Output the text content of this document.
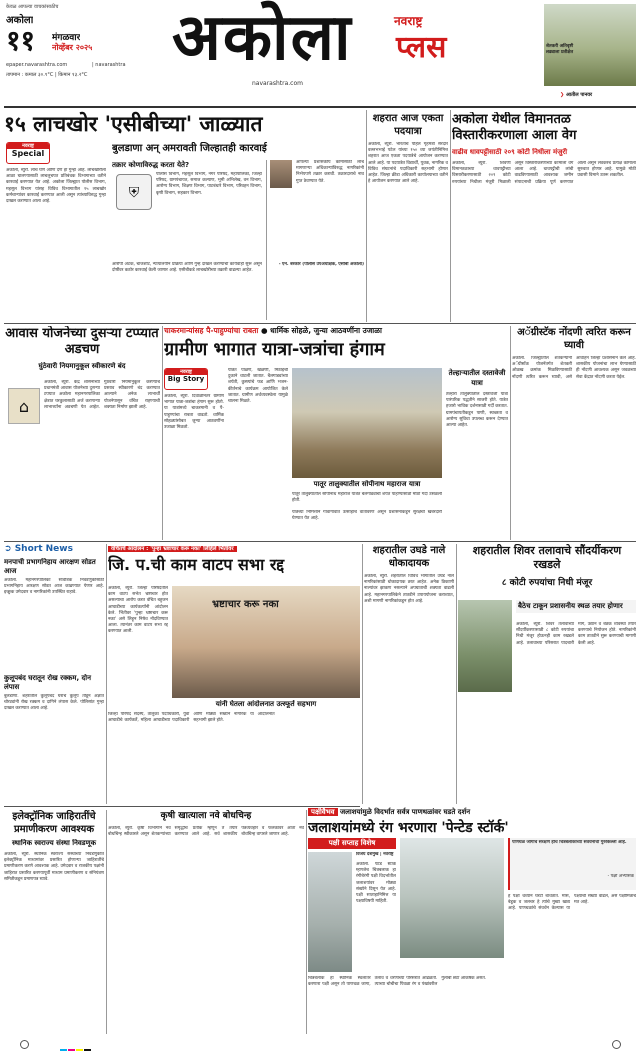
केवळ आपल्या वाचकांसाठीच
अकोला
११ मंगळवार
नोव्हेंबर २०२५
epaper.navarashtra.com	| navarashtra
तापमान : कमाल ३०.९°C | किमान १३.२°C अकोला	नवराष्ट्र
प्लस
navarashtra.com
शेतकरी अतिवृष्टी लढ्याला प्रतीक्षेत
❯ आतील पानवर
१५ लाचखोर 'एसीबीच्या' जाळ्यात
नवराष्ट्र
Special	बुलडाणा अन् अमरावती जिल्हातही कारवाई
अकोला, ब्युरो. लाच घेणे आणि देणे हा गुन्हा आहे. लाचखोरीला आळा घालण्यासाठी लाचलुचपत प्रतिबंधक विभागाच्या वतीने कारवाई करण्यात येत आहे. अकोला जिल्ह्यात पोलीस विभाग, महसूल विभाग यांसह विविध विभागातील १५ लाचखोर कर्मचाऱ्यांवर कारवाई करण्यात आली असून त्यांच्याविरुद्ध गुन्हा दाखल करण्यात आला आहे.
तक्रार कोणाविरुद्ध करता येते?
⛨
पोलीस विभाग, महसूल विभाग, नगर परिषद, महापालिका, जिल्हा परिषद, ग्रामपंचायत, समाज कल्याण, भूमी अभिलेख, वन विभाग, आरोग्य विभाग, शिक्षण विभाग, पाटबंधारे विभाग, परिवहन विभाग, कृषी विभाग, सहकार विभाग.
आरोपी अटक, चार्जशीट, न्यायालयीन प्रक्रिया आणि गुन्हे दाखल करण्याची कार्यवाही सुरू असून दोषींवर कठोर कारवाई केली जाणार आहे. एसीबीकडे लाचखोरीच्या तक्रारी वाढल्या आहेत.
आपल्या प्रशासकीय कामासाठी लाच मागणाऱ्या अधिकाऱ्यांविरुद्ध नागरिकांनी निर्भयपणे तक्रार करावी. तक्रारदाराचे नाव गुप्त ठेवण्यात येते.
- एन. बरकार (पोलीस उपअधीक्षक, एसीबी अकोला)
शहरात आज एकता पदयात्रा
अकोला, ब्युरो. भारताचे पहिले गृहमंत्री सरदार वल्लभभाई पटेल यांच्या १५० व्या जयंतीनिमित्त शहरात आज एकता पदयात्रेचे आयोजन करण्यात आले आहे. या पदयात्रेत विद्यार्थी, युवक, नागरिक व विविध संघटनांचे पदाधिकारी सहभागी होणार आहेत. जिल्हा क्रीडा अधिकारी कार्यालयाच्या वतीने हे आयोजन करण्यात आले आहे.
अकोला येथील विमानतळ विस्तारीकरणाला आला वेग
वाढीव धावपट्टीसाठी २०९ कोटी निधीला मंजुरी
अकोला, ब्युरो. शिवणी विमानतळाच्या धावपट्टीच्या विस्तारीकरणासाठी २०९ कोटी रुपयांच्या निधीला मंजुरी मिळाली असून विस्तारीकरणाच्या कामाला वेग आला आहे. धावपट्टीची लांबी वाढविण्यासाठी आवश्यक जमीन संपादनाची प्रक्रिया पूर्ण करण्यात आली असून लवकरच प्रत्यक्ष कामाला सुरुवात होणार आहे. यामुळे मोठी प्रवासी विमाने उतरू शकतील.
आवास योजनेच्या दुसऱ्या टप्प्यात अडचण
घुंठेवारी नियमानुकूल स्वीकारणे बंद
⌂
अकोला, ब्युरो. केंद्र शासनाच्या प्रधानमंत्री आवास योजनेच्या दुसऱ्या टप्प्यात अकोला महानगरपालिका क्षेत्रात घरकुलासाठी अर्ज करणाऱ्या लाभार्थ्यांना अडचणी येत आहेत. गुंठेवारी नियमानुकूल करण्याचे प्रस्ताव स्वीकारणे बंद करण्यात आल्याने अनेक लाभार्थी योजनेपासून वंचित राहण्याची शक्यता निर्माण झाली आहे.
चाकरमान्यांसह पै-पाहुण्यांचा राबता ● धार्मिक सोहळे, जुन्या आठवणींना उजाळा
ग्रामीण भागात यात्रा-जत्रांचा हंगाम
नवराष्ट्र
Big Story
अकोला, ब्युरो. दिवाळीनंतर ग्रामीण भागात यात्रा-जत्रांचा हंगाम सुरू होतो. या यात्रांमध्ये चाकरमानी व पै-पाहुण्यांचा राबता वाढतो. धार्मिक सोहळ्यांसोबत जुन्या आठवणींना उजाळा मिळतो.
यात्रेत पाळणे, खेळणी, मिठाईची दुकाने थाटली जातात. बैलगाड्यांच्या शर्यती, कुस्त्यांचे फड आणि भजन-कीर्तनाचे कार्यक्रम आयोजित केले जातात. ग्रामीण अर्थव्यवस्थेला यामुळे चालना मिळते.
पातूर तालुक्यातील सोपीनाथ महाराज यात्रा
पातूर तालुक्यातील सोपीनाथ महाराज यात्रेत बैलगाड्यांची शर्यत पाहण्यासाठी मोठी गर्दी उसळली होती.
यात्रेच्या निमित्ताने गावागावांत उत्साहाचे वातावरण असून प्रशासनाकडून सुरक्षेची खबरदारी घेण्यात येत आहे.
तेल्हाऱ्यातील दस्तावेजी यात्रा
तेल्हारा तालुक्यातील दस्तावेजी यात्रा पारंपरिक पद्धतीने साजरी होते. यात्रेत हजारो भाविक दर्शनासाठी गर्दी करतात. ग्रामपंचायतीकडून पाणी, स्वच्छता व आरोग्य सुविधा उपलब्ध करून देण्यात आल्या आहेत.
अॅग्रीस्टॅक नोंदणी त्वरित करून घ्यावी
अकोला. जिल्ह्यातील शेतकऱ्यांनी अॅग्रीस्टॅक योजनेंतर्गत शेतकरी ओळख क्रमांक मिळविण्यासाठी नोंदणी त्वरित करून घ्यावी, असे आवाहन जिल्हा प्रशासनाने केले आहे. शासकीय योजनांचा लाभ घेण्यासाठी ही नोंदणी आवश्यक असून जवळच्या सेवा केंद्रात नोंदणी करता येईल.
➲ Short News
मनपाची प्रभागनिहाय आरक्षण सोडत आज
अकोला. महानगरपालिका सार्वत्रिक निवडणुकीसाठी प्रभागनिहाय आरक्षण सोडत आज काढण्यात येणार आहे. इच्छुक उमेदवार व नागरिकांनी उपस्थित राहावे.
कुलूपबंद घरातून रोख रक्कम, दोन लंपास
बुलडाणा. शहरातील कुलूपबंद घराचे कुलूप तोडून अज्ञात चोरट्यांनी रोख रक्कम व दागिने लंपास केले. पोलिसांत गुन्हा दाखल करण्यात आला आहे.
वंचितचे आंदोलन : 'पुन्हा भ्रष्टाचार करू नका' लिहिले भिंतीवर
जि. प.ची काम वाटप सभा रद्द
अकोला, ब्युरो. जिल्हा परिषदेतील काम वाटप सभेत भ्रष्टाचार होत असल्याचा आरोप करत वंचित बहुजन आघाडीच्या कार्यकर्त्यांनी आंदोलन केले. भिंतीवर 'पुन्हा भ्रष्टाचार करू नका' असे लिहून निषेध नोंदविण्यात आला. त्यानंतर काम वाटप सभा रद्द करण्यात आली.
भ्रष्टाचार करू नका
यांनी घेतला आंदोलनात उत्स्फूर्त सहभाग
जिल्हा परिषद सदस्य, तालुका पदाधिकारी, युवा आघाडीचे कार्यकर्ते, महिला आघाडीच्या पदाधिकारी आणि मोठ्या संख्येने नागरिक या आंदोलनात सहभागी झाले होते.
शहरातील उघडे नाले धोकादायक
अकोला, ब्युरो. शहरातील विविध भागांतील उघडे नाले नागरिकांसाठी धोकादायक ठरत आहेत. अनेक ठिकाणी नाल्यांवर झाकण नसल्याने अपघाताची शक्यता वाढली आहे. महानगरपालिकेने तातडीने उपाययोजना कराव्यात, अशी मागणी नागरिकांकडून होत आहे.
शहरातील शिवर तलावाचे सौंदर्यीकरण रखडले
८ कोटी रुपयांचा निधी मंजूर
बैठेच टाकून प्रशासनीय स्थळ तयार होणार
अकोला, ब्युरो. शिवर तलावाच्या सौंदर्यीकरणासाठी ८ कोटी रुपयांचा निधी मंजूर होऊनही काम रखडले आहे. तलावाच्या परिसरात पादचारी मार्ग, उद्यान व बैठक व्यवस्था तयार करण्याचे नियोजन होते. नागरिकांनी काम तातडीने सुरू करण्याची मागणी केली आहे.
इलेक्ट्रॉनिक जाहिरातींचे प्रमाणीकरण आवश्यक
स्थानिक स्वराज्य संस्था निवडणूक
अकोला, ब्युरो. स्थानिक स्वराज्य संस्थांच्या निवडणुकीत इलेक्ट्रॉनिक माध्यमांवर प्रसारित होणाऱ्या जाहिरातींचे प्रमाणीकरण करणे आवश्यक आहे. उमेदवार व राजकीय पक्षांनी जाहिरात प्रसारित करण्यापूर्वी माध्यम प्रमाणीकरण व संनियंत्रण समितीकडून प्रमाणपत्र घ्यावे.
कृषी खात्याला नवे बोधचिन्ह
अकोला, ब्युरो. कृषी विभागाने नवे बोधचिन्ह स्वीकारले असून शेतकऱ्यांच्या समृद्धीचे प्रतीक म्हणून ते तयार करण्यात आले आहे. सर्व शासकीय पत्रव्यवहार व फलकांवर आता नवे बोधचिन्ह वापरले जाणार आहे.
पक्षीवैभव जलाशयांमुळे विदर्भात सर्वत्र पाणथळांवर घडते दर्शन
जलाशयांमध्ये रंग भरणारा 'पेन्टेड स्टॉर्क'
पक्षी सप्ताह विशेष
विजय देशमुख | नवराष्ट्र
अकोला. पेंटेड स्टॉर्क म्हणजेच चित्रबलाक हा रंगीबेरंगी पक्षी विदर्भातील जलाशयांवर मोठ्या संख्येने दिसून येत आहे. पक्षी सप्ताहानिमित्त या पक्ष्याविषयी माहिती.
पाणथळ जागांचे संरक्षण हीच चित्रबलाकांच्या संवर्धनाची गुरुकिल्ली आहे.
- पक्षी अभ्यासक
चित्रबलाक हा स्थानिक स्थलांतर करणारा पक्षी असून तो पाणथळ जागा, तलाव व धरणांच्या परिसरात आढळतो. त्याच्या चोचीचा पिवळा रंग व पंखांवरील गुलाबी छटा आकर्षक असते.
हे पक्षी थव्याने घरटी बांधतात. मासे, बेडूक व जलचर हे त्यांचे मुख्य खाद्य आहे. पाणथळांचे संवर्धन केल्यास या पक्ष्यांची संख्या वाढेल, असे पक्षीमित्रांचे मत आहे.
